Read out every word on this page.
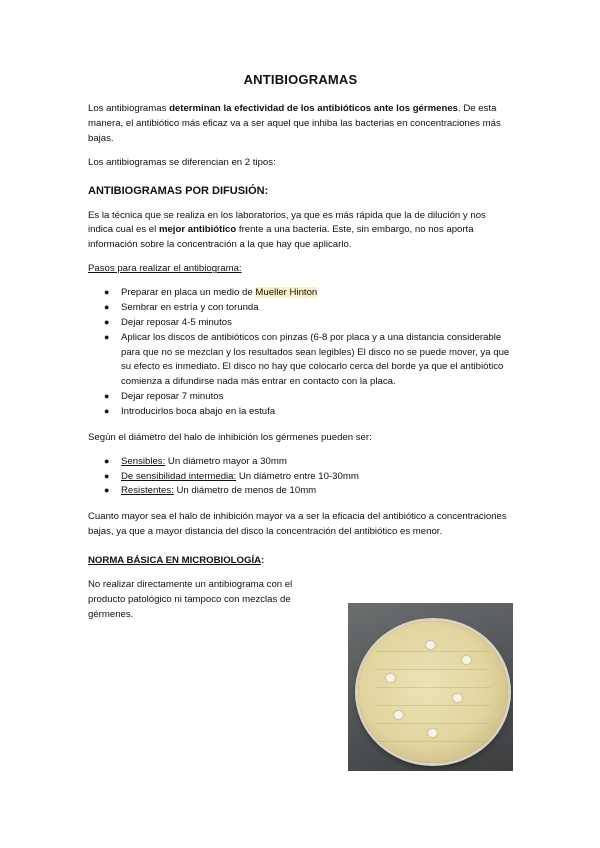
ANTIBIOGRAMAS

Los antibiogramas determinan la efectividad de los antibióticos ante los gérmenes. De esta manera, el antibiótico más eficaz va a ser aquel que inhiba las bacterias en concentraciones más bajas.

Los antibiogramas se diferencian en 2 tipos:

ANTIBIOGRAMAS POR DIFUSIÓN:

Es la técnica que se realiza en los laboratorios, ya que es más rápida que la de dilución y nos indica cual es el mejor antibiótico frente a una bacteria. Este, sin embargo, no nos aporta información sobre la concentración a la que hay que aplicarlo.

Pasos para realizar el antibiograma:

● Preparar en placa un medio de Mueller Hinton
● Sembrar en estría y con torunda
● Dejar reposar 4-5 minutos
● Aplicar los discos de antibióticos con pinzas (6-8 por placa y a una distancia considerable para que no se mezclan y los resultados sean legibles) El disco no se puede mover, ya que su efecto es inmediato. El disco no hay que colocarlo cerca del borde ya que el antibiótico comienza a difundirse nada más entrar en contacto con la placa.
● Dejar reposar 7 minutos
● Introducirlos boca abajo en la estufa

Según el diámetro del halo de inhibición los gérmenes pueden ser:

● Sensibles: Un diámetro mayor a 30mm
● De sensibilidad intermedia: Un diámetro entre 10-30mm
● Resistentes: Un diámetro de menos de 10mm

Cuanto mayor sea el halo de inhibición mayor va a ser la eficacia del antibiótico a concentraciones bajas, ya que a mayor distancia del disco la concentración del antibiótico es menor.

NORMA BÁSICA EN MICROBIOLOGÍA:

No realizar directamente un antibiograma con el producto patológico ni tampoco con mezclas de gérmenes.
